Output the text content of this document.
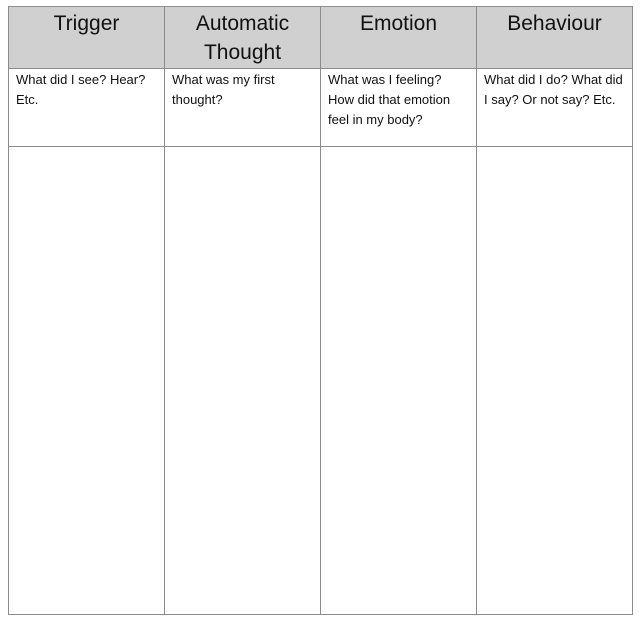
Trigger	Automatic Thought	Emotion	Behaviour
What did I see? Hear? Etc.	What was my first thought?	What was I feeling? How did that emotion feel in my body?	What did I do? What did I say? Or not say? Etc.
